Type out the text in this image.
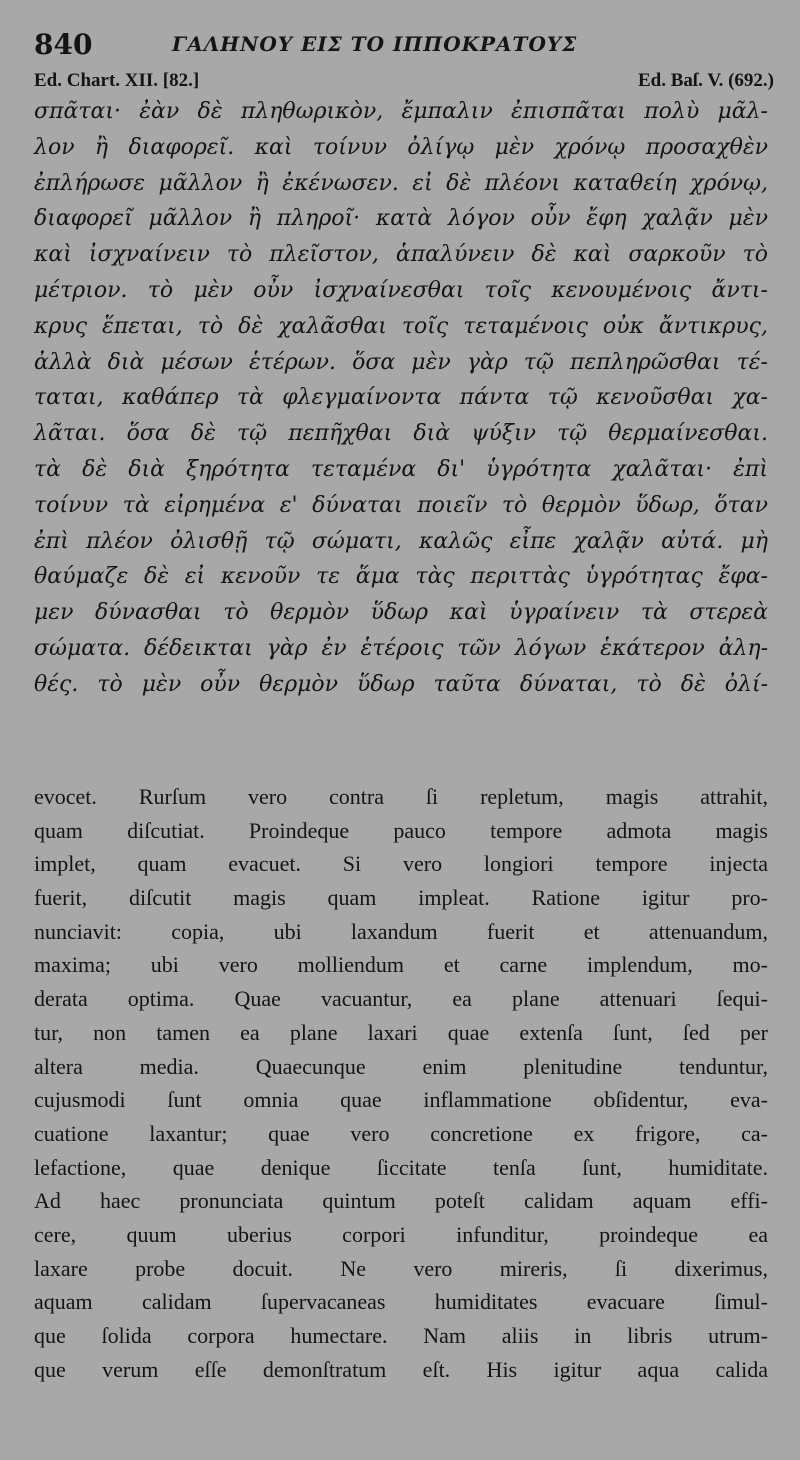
840	ΓΑΛΗΝΟΥ ΕΙΣ ΤΟ ΙΠΠΟΚΡΑΤΟΥΣ
Ed. Chart. XII. [82.]	Ed. Baſ. V. (692.)
σπᾶται· ἐὰν δὲ πληθωρικὸν, ἔμπαλιν ἐπισπᾶται πολὺ μᾶλ-
λον ἢ διαφορεῖ. καὶ τοίνυν ὀλίγῳ μὲν χρόνῳ προσαχθὲν
ἐπλήρωσε μᾶλλον ἢ ἐκένωσεν. εἰ δὲ πλέονι καταθείη χρόνῳ,
διαφορεῖ μᾶλλον ἢ πληροῖ· κατὰ λόγον οὖν ἔφη χαλᾷν μὲν
καὶ ἰσχναίνειν τὸ πλεῖστον, ἁπαλύνειν δὲ καὶ σαρκοῦν τὸ
μέτριον. τὸ μὲν οὖν ἰσχναίνεσθαι τοῖς κενουμένοις ἄντι-
κρυς ἕπεται, τὸ δὲ χαλᾶσθαι τοῖς τεταμένοις οὐκ ἄντικρυς,
ἀλλὰ διὰ μέσων ἑτέρων. ὅσα μὲν γὰρ τῷ πεπληρῶσθαι τέ-
ταται, καθάπερ τὰ φλεγμαίνοντα πάντα τῷ κενοῦσθαι χα-
λᾶται. ὅσα δὲ τῷ πεπῆχθαι διὰ ψύξιν τῷ θερμαίνεσθαι.
τὰ δὲ διὰ ξηρότητα τεταμένα δι' ὑγρότητα χαλᾶται· ἐπὶ
τοίνυν τὰ εἰρημένα ε' δύναται ποιεῖν τὸ θερμὸν ὕδωρ, ὅταν
ἐπὶ πλέον ὀλισθῇ τῷ σώματι, καλῶς εἶπε χαλᾷν αὐτά. μὴ
θαύμαζε δὲ εἰ κενοῦν τε ἅμα τὰς περιττὰς ὑγρότητας ἔφα-
μεν δύνασθαι τὸ θερμὸν ὕδωρ καὶ ὑγραίνειν τὰ στερεὰ
σώματα. δέδεικται γὰρ ἐν ἑτέροις τῶν λόγων ἑκάτερον ἀλη-
θές. τὸ μὲν οὖν θερμὸν ὕδωρ ταῦτα δύναται, τὸ δὲ ὀλί-
evocet. Rurſum vero contra ſi repletum, magis attrahit,
quam diſcutiat. Proindeque pauco tempore admota magis
implet, quam evacuet. Si vero longiori tempore injecta
fuerit, diſcutit magis quam impleat. Ratione igitur pro-
nunciavit: copia, ubi laxandum fuerit et attenuandum,
maxima; ubi vero molliendum et carne implendum, mo-
derata optima. Quae vacuantur, ea plane attenuari ſequi-
tur, non tamen ea plane laxari quae extenſa ſunt, ſed per
altera media. Quaecunque enim plenitudine tenduntur,
cujusmodi ſunt omnia quae inflammatione obſidentur, eva-
cuatione laxantur; quae vero concretione ex frigore, ca-
lefactione, quae denique ſiccitate tenſa ſunt, humiditate.
Ad haec pronunciata quintum poteſt calidam aquam effi-
cere, quum uberius corpori infunditur, proindeque ea
laxare probe docuit. Ne vero mireris, ſi dixerimus,
aquam calidam ſupervacaneas humiditates evacuare ſimul-
que ſolida corpora humectare. Nam aliis in libris utrum-
que verum eſſe demonſtratum eſt. His igitur aqua calida
